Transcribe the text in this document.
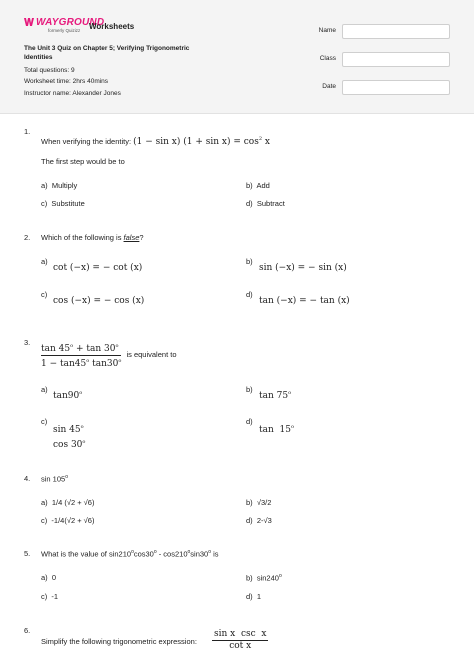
WAYGROUND
formerly Quizizz	Worksheets
The Unit 3 Quiz on Chapter 5; Verifying Trigonometric Identities
Total questions: 9
Worksheet time: 2hrs 40mins
Instructor name: Alexander Jones
Name
Class
Date
1.
When verifying the identity: (1 − sin x) $(1 + \sin x) = \cos^2 x$
The first step would be to
a) Multiply	b) Add
c) Substitute	d) Subtract
2. Which of the following is false?
a)
cot (−x) = − cot (x)
b)
sin (−x) = − sin (x)
c)
cos (−x) = − cos (x)
d)
tan (−x) = − tan (x)
3. $\frac{\tan 45^o + \tan 30^o}{1 - \tan 45^o \tan 30^o}$ is equivalent to
a)
tan90$^o$	b)
tan 75$^o$
c)
sin 45$^o$
cos 30$^o$
d)
tan  15$^o$
4. sin 105$^o$
a) 1/4 (√2 + √6)	b) √3/2
c) -1/4(√2 + √6)	d) 2-√3
5. What is the value of sin210$^o$cos30$^o$ - cos210$^o$sin30$^o$ is
a) 0	b) sin240$^o$
c) -1	d) 1
6.
Simplify the following trigonometric expression: $\frac{\text{sin x  csc  x}}{\text{cot x}}$
